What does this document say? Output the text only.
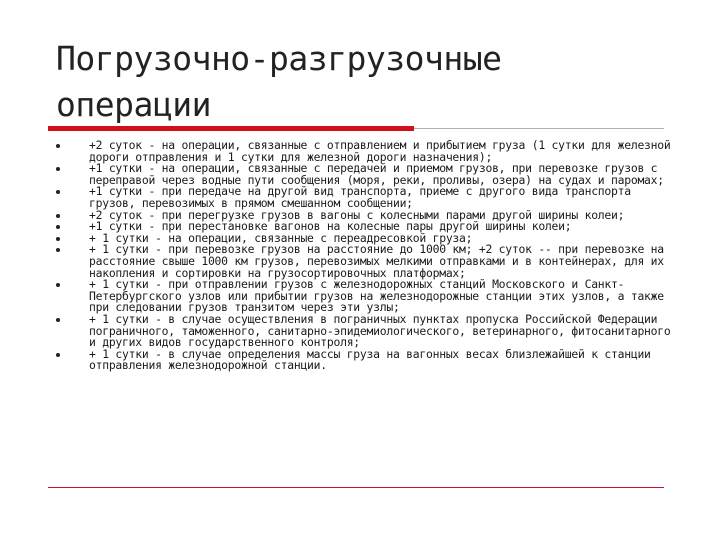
Погрузочно-разгрузочные
операции
+2 суток - на операции, связанные с отправлением и прибытием груза (1 сутки для железной дороги отправления и 1 сутки для железной дороги назначения);
+1 сутки - на операции, связанные с передачей и приемом грузов, при перевозке грузов с переправой через водные пути сообщения (моря, реки, проливы, озера) на судах и паромах;
+1 сутки - при передаче на другой вид транспорта, приеме с другого вида транспорта грузов, перевозимых в прямом смешанном сообщении;
+2 суток - при перегрузке грузов в вагоны с колесными парами другой ширины колеи;
+1 сутки - при перестановке вагонов на колесные пары другой ширины колеи;
+ 1 сутки - на операции, связанные с переадресовкой груза;
+ 1 сутки - при перевозке грузов на расстояние до 1000 км; +2 суток -- при перевозке на расстояние свыше 1000 км грузов, перевозимых мелкими отправками и в контейнерах, для их накопления и сортировки на грузосортировочных платформах;
+ 1 сутки - при отправлении грузов с железнодорожных станций Московского и Санкт-Петербургского узлов или прибытии грузов на железнодорожные станции этих узлов, а также при следовании грузов транзитом через эти узлы;
+ 1 сутки - в случае осуществления в пограничных пунктах пропуска Российской Федерации пограничного, таможенного, санитарно-эпидемиологического, ветеринарного, фитосанитарного и других видов государственного контроля;
+ 1 сутки - в случае определения массы груза на вагонных весах близлежайшей к станции отправления железнодорожной станции.
